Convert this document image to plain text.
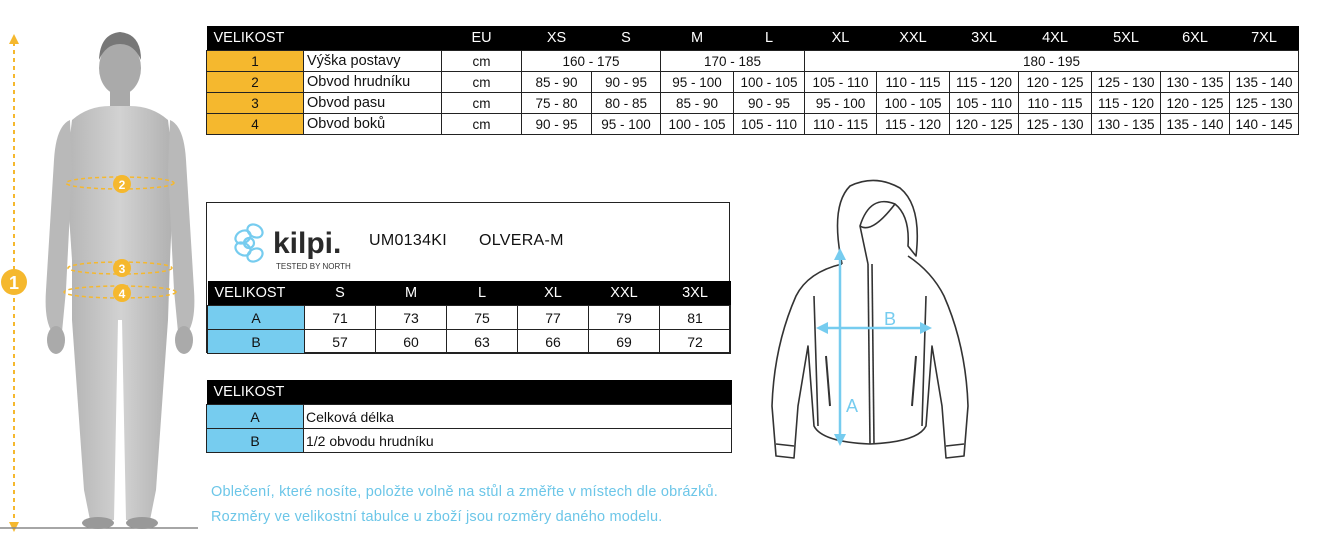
1
2
3
4
VELIKOST		EU	XS	S	M	L	XL	XXL	3XL	4XL	5XL	6XL	7XL
1	Výška postavy	cm	160 - 175		170 - 185		180 - 195						
2	Obvod hrudníku	cm	85 - 90	90 - 95	95 - 100	100 - 105	105 - 110	110 - 115	115 - 120	120 - 125	125 - 130	130 - 135	135 - 140
3	Obvod pasu	cm	75 - 80	80 - 85	85 - 90	90 - 95	95 - 100	100 - 105	105 - 110	110 - 115	115 - 120	120 - 125	125 - 130
4	Obvod boků	cm	90 - 95	95 - 100	100 - 105	105 - 110	110 - 115	115 - 120	120 - 125	125 - 130	130 - 135	135 - 140	140 - 145
kilpi.
TESTED BY NORTH
UM0134KI OLVERA-M
VELIKOST	S	M	L	XL	XXL	3XL
A	71	73	75	77	79	81
B	57	60	63	66	69	72
VELIKOST	
A	Celková délka
B	1/2 obvodu hrudníku
A
B
Oblečení, které nosíte, položte volně na stůl a změřte v místech dle obrázků.
Rozměry ve velikostní tabulce u zboží jsou rozměry daného modelu.
